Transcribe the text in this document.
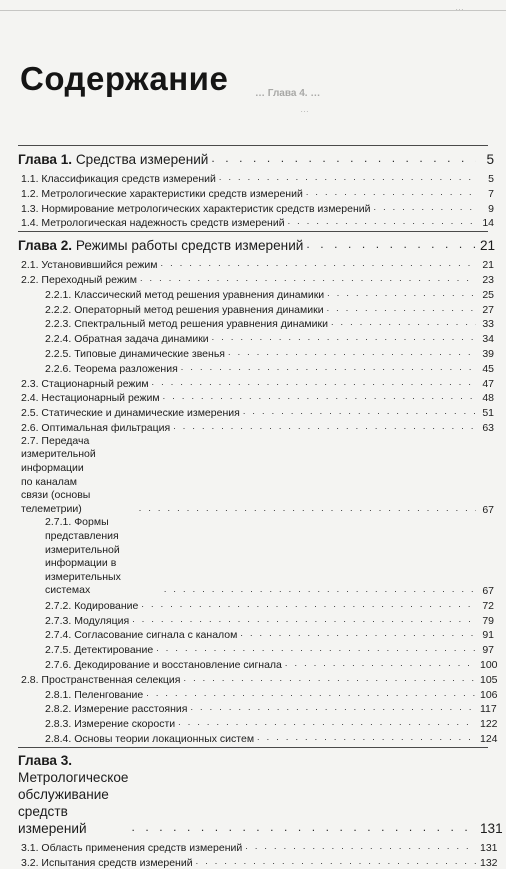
…
… Глава 4. …
…
Содержание
Глава 1. Средства измерений . . .	5
1.1. Классификация средств измерений . . .	5
1.2. Метрологические характеристики средств измерений . . .	7
1.3. Нормирование метрологических характеристик средств измерений . . .	9
1.4. Метрологическая надежность средств измерений . . .	14
Глава 2. Режимы работы средств измерений . . .	21
2.1. Установившийся режим . . .	21
2.2. Переходный режим . . .	23
2.2.1. Классический метод решения уравнения динамики . . .	25
2.2.2. Операторный метод решения уравнения динамики . . .	27
2.2.3. Спектральный метод решения уравнения динамики . . .	33
2.2.4. Обратная задача динамики . . .	34
2.2.5. Типовые динамические звенья . . .	39
2.2.6. Теорема разложения . . .	45
2.3. Стационарный режим . . .	47
2.4. Нестационарный режим . . .	48
2.5. Статические и динамические измерения . . .	51
2.6. Оптимальная фильтрация . . .	63
2.7. Передача измерительной информации по каналам связи (основы телеметрии) . . .	67
2.7.1. Формы представления измерительной информации в измерительных системах . . .	67
2.7.2. Кодирование . . .	72
2.7.3. Модуляция . . .	79
2.7.4. Согласование сигнала с каналом . . .	91
2.7.5. Детектирование . . .	97
2.7.6. Декодирование и восстановление сигнала . . .	100
2.8. Пространственная селекция . . .	105
2.8.1. Пеленгование . . .	106
2.8.2. Измерение расстояния . . .	117
2.8.3. Измерение скорости . . .	122
2.8.4. Основы теории локационных систем . . .	124
Глава 3. Метрологическое обслуживание средств измерений . . .	131
3.1. Область применения средств измерений . . .	131
3.2. Испытания средств измерений . . .	132
